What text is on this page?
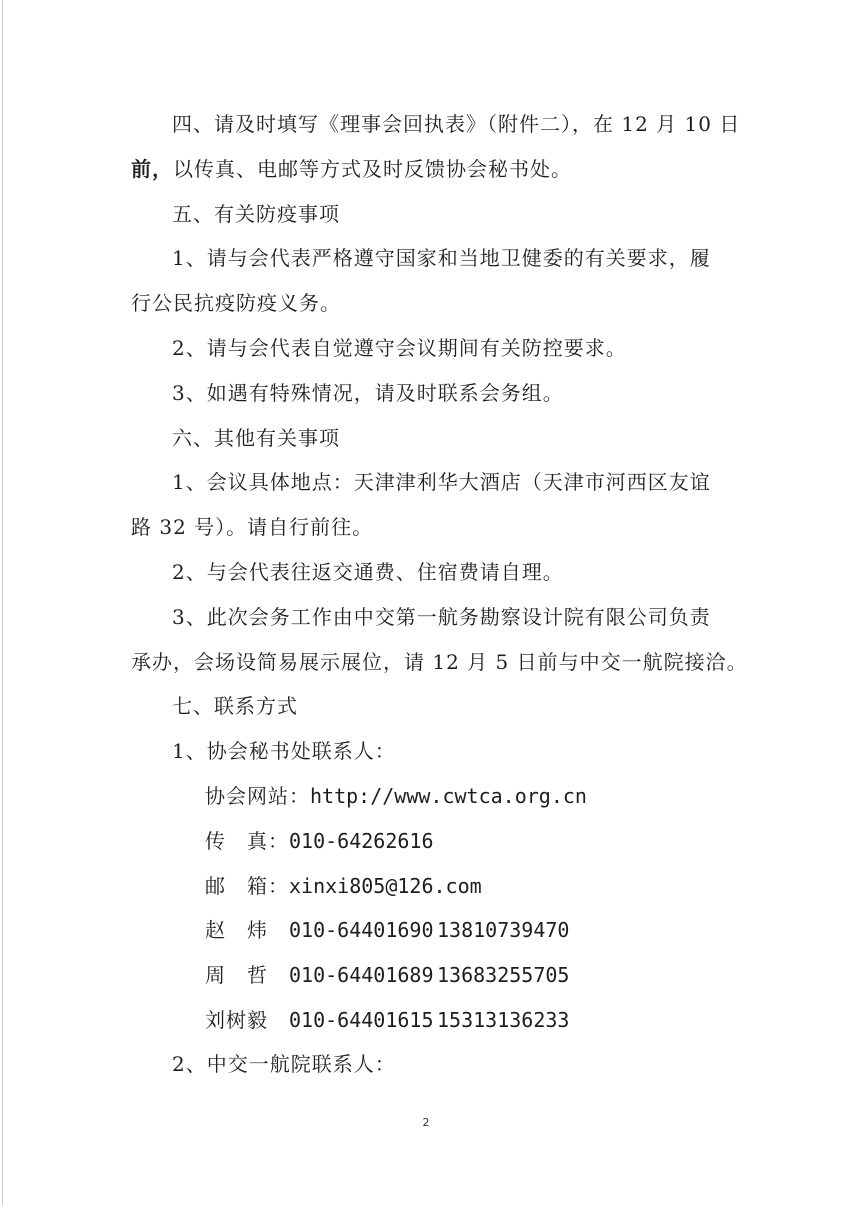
四、请及时填写《理事会回执表》（附件二），在 12 月 10 日
前，以传真、电邮等方式及时反馈协会秘书处。
五、有关防疫事项
1、请与会代表严格遵守国家和当地卫健委的有关要求，履
行公民抗疫防疫义务。
2、请与会代表自觉遵守会议期间有关防控要求。
3、如遇有特殊情况，请及时联系会务组。
六、其他有关事项
1、会议具体地点：天津津利华大酒店（天津市河西区友谊
路 32 号）。请自行前往。
2、与会代表往返交通费、住宿费请自理。
3、此次会务工作由中交第一航务勘察设计院有限公司负责
承办，会场设简易展示展位，请 12 月 5 日前与中交一航院接洽。
七、联系方式
1、协会秘书处联系人：
协会网站：http://www.cwtca.org.cn
传　真：010-64262616
邮　箱：xinxi805@126.com
赵　炜 010-64401690 13810739470
周　哲 010-64401689 13683255705
刘树毅 010-64401615 15313136233
2、中交一航院联系人：
2
